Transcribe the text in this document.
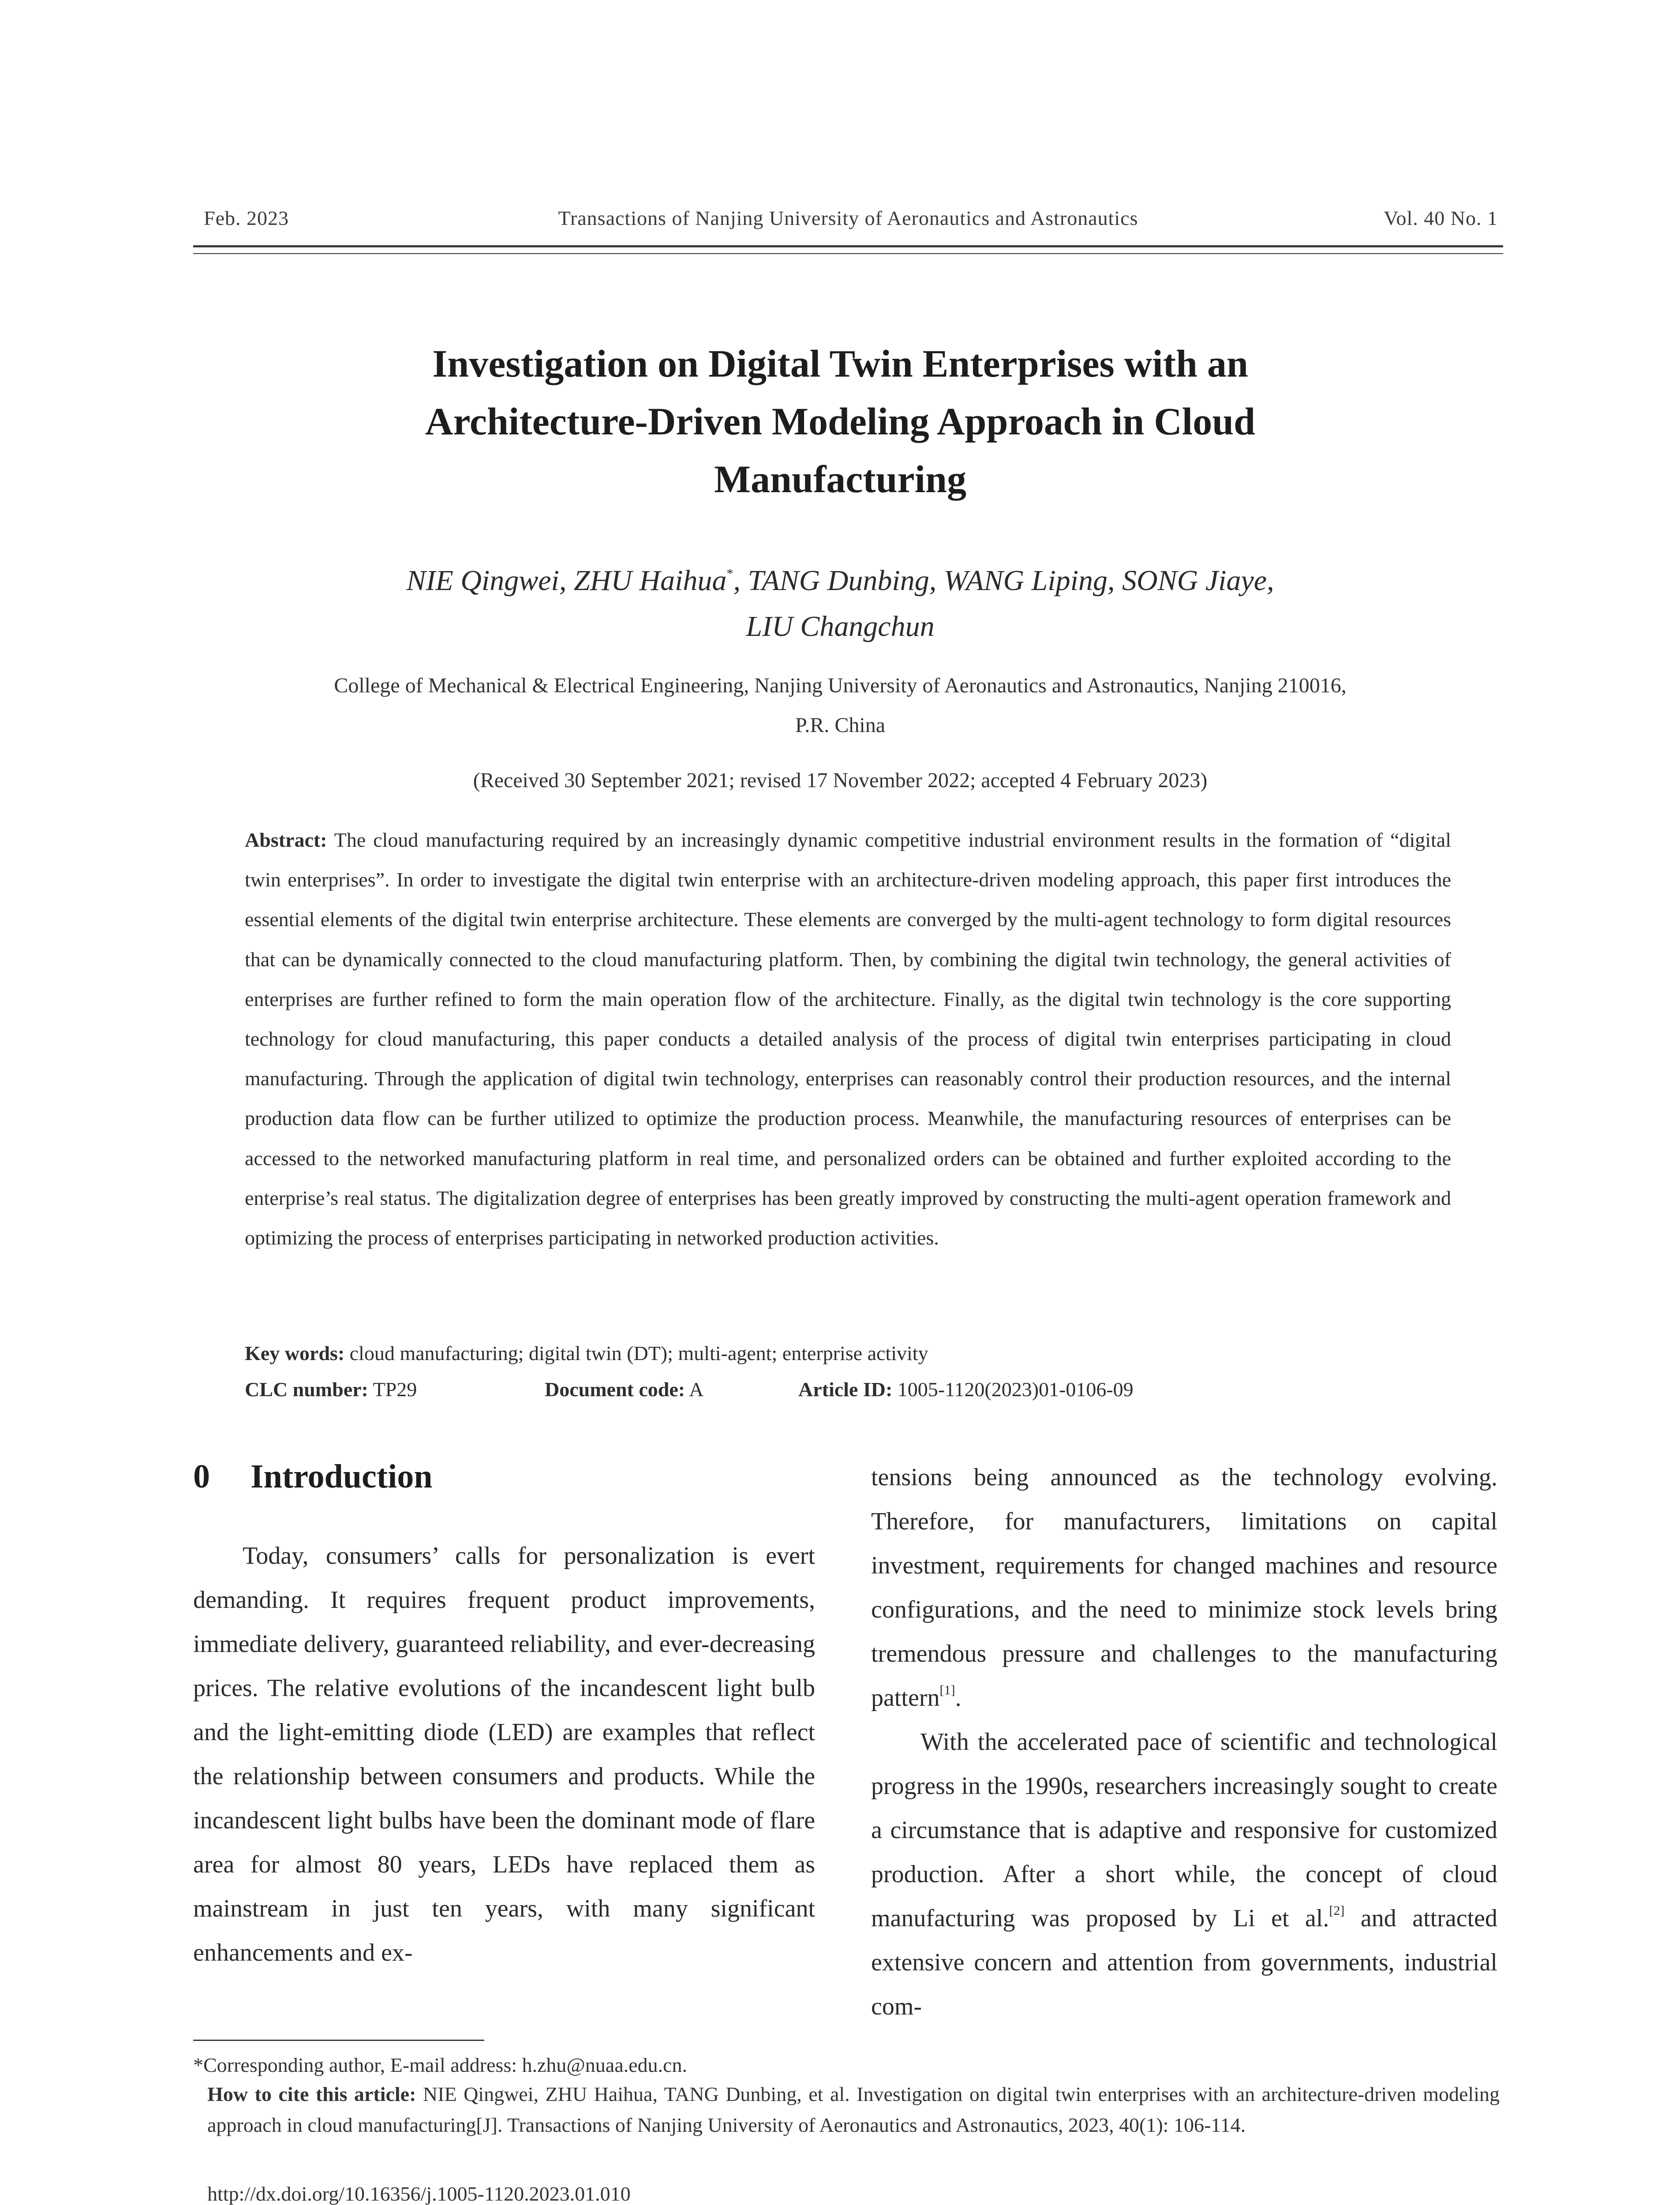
Feb. 2023	Transactions of Nanjing University of Aeronautics and Astronautics	Vol. 40 No. 1
Investigation on Digital Twin Enterprises with an
Architecture-Driven Modeling Approach in Cloud
Manufacturing
NIE Qingwei, ZHU Haihua*, TANG Dunbing, WANG Liping, SONG Jiaye,
LIU Changchun
College of Mechanical & Electrical Engineering, Nanjing University of Aeronautics and Astronautics, Nanjing 210016,
P.R. China
(Received 30 September 2021; revised 17 November 2022; accepted 4 February 2023)
Abstract: The cloud manufacturing required by an increasingly dynamic competitive industrial environment results in the formation of “digital twin enterprises”. In order to investigate the digital twin enterprise with an architecture-driven modeling approach, this paper first introduces the essential elements of the digital twin enterprise architecture. These elements are converged by the multi-agent technology to form digital resources that can be dynamically connected to the cloud manufacturing platform. Then, by combining the digital twin technology, the general activities of enterprises are further refined to form the main operation flow of the architecture. Finally, as the digital twin technology is the core supporting technology for cloud manufacturing, this paper conducts a detailed analysis of the process of digital twin enterprises participating in cloud manufacturing. Through the application of digital twin technology, enterprises can reasonably control their production resources, and the internal production data flow can be further utilized to optimize the production process. Meanwhile, the manufacturing resources of enterprises can be accessed to the networked manufacturing platform in real time, and personalized orders can be obtained and further exploited according to the enterprise’s real status. The digitalization degree of enterprises has been greatly improved by constructing the multi-agent operation framework and optimizing the process of enterprises participating in networked production activities.
Key words: cloud manufacturing; digital twin (DT); multi-agent; enterprise activity
CLC number: TP29	Document code: A	Article ID: 1005-1120(2023)01-0106-09
0 Introduction

Today, consumers’ calls for personalization is evert demanding. It requires frequent product improvements, immediate delivery, guaranteed reliability, and ever-decreasing prices. The relative evolutions of the incandescent light bulb and the light-emitting diode (LED) are examples that reflect the relationship between consumers and products. While the incandescent light bulbs have been the dominant mode of flare area for almost 80 years, LEDs have replaced them as mainstream in just ten years, with many significant enhancements and ex-

tensions being announced as the technology evolving. Therefore, for manufacturers, limitations on capital investment, requirements for changed machines and resource configurations, and the need to minimize stock levels bring tremendous pressure and challenges to the manufacturing pattern[1].

With the accelerated pace of scientific and technological progress in the 1990s, researchers increasingly sought to create a circumstance that is adaptive and responsive for customized production. After a short while, the concept of cloud manufacturing was proposed by Li et al.[2] and attracted extensive concern and attention from governments, industrial com-

*Corresponding author, E-mail address: h.zhu@nuaa.edu.cn.
How to cite this article: NIE Qingwei, ZHU Haihua, TANG Dunbing, et al. Investigation on digital twin enterprises with an architecture-driven modeling approach in cloud manufacturing[J]. Transactions of Nanjing University of Aeronautics and Astronautics, 2023, 40(1): 106-114.
http://dx.doi.org/10.16356/j.1005-1120.2023.01.010
